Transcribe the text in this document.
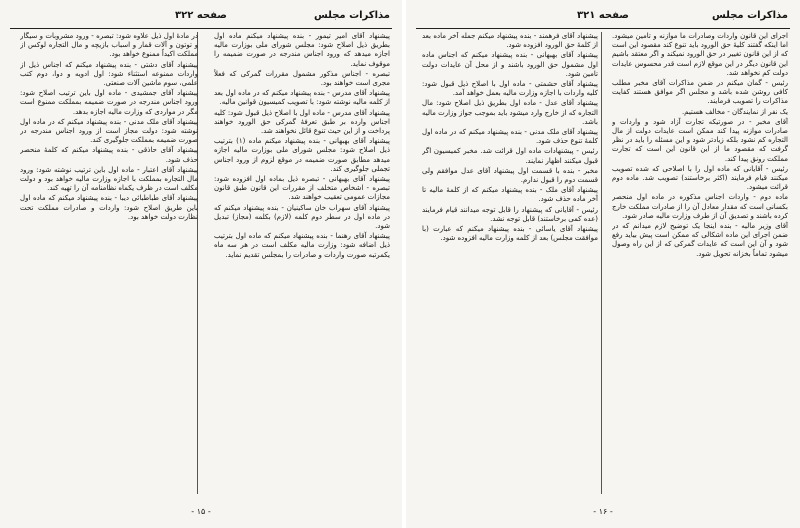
مذاکرات مجلس
صفحه ۳۲۱

اجرای این قانون واردات وصادرات ما موازنه و تامین میشود. اما اینکه گفتند کلیهٔ حق الورود باید تنوع کند مقصود این است که از این قانون تغییر در حق الورود نمیکند و اگر معتقد باشیم این قانون دیگر در این موقع لازم است قدر محسوس عایدات دولت کم نخواهد شد.

رئیس - گمان میکنم در ضمن مذاکرات آقای مخبر مطلب کافی روشن شده باشد و مجلس اگر موافق هستند کفایت مذاکرات را تصویب فرمایند.

یک نفر از نمایندگان - مخالف هستیم.

آقای مخبر - در صورتیکه تجارت آزاد شود و واردات و صادرات موازنه پیدا کند ممکن است عایدات دولت از مال التجاره کم نشود بلکه زیادتر شود و این مسئله را باید در نظر گرفت که مقصود ما از این قانون این است که تجارت مملکت رونق پیدا کند.

رئیس - آقایانی که ماده اول را با اصلاحی که شده تصویب میکنند قیام فرمایند (اکثر برخاستند) تصویب شد. ماده دوم قرائت میشود.

ماده دوم - واردات اجناس مذکوره در ماده اول منحصر بکسانی است که مقدار معادل آن را از صادرات مملکت خارج کرده باشند و تصدیق آن از طرف وزارت مالیه صادر شود.

آقای وزیر مالیه - بنده اینجا یک توضیح لازم میدانم که در ضمن اجرای این ماده اشکالی که ممکن است پیش بیاید رفع شود و آن این است که عایدات گمرکی که از این راه وصول میشود تماماً بخزانه تحویل شود.

پیشنهاد آقای فرهمند - بنده پیشنهاد میکنم جمله آخر ماده بعد از کلمهٔ حق الورود افزوده شود.

پیشنهاد آقای بهبهانی - بنده پیشنهاد میکنم که اجناس ماده اول مشمول حق الورود باشند و از محل آن عایدات دولت تامین شود.

پیشنهاد آقای حشمتی - ماده اول با اصلاح ذیل قبول شود: کلیه واردات با اجازه وزارت مالیه بعمل خواهد آمد.

پیشنهاد آقای عدل - ماده اول بطریق ذیل اصلاح شود: مال التجاره که از خارج وارد میشود باید بموجب جواز وزارت مالیه باشد.

پیشنهاد آقای ملک مدنی - بنده پیشنهاد میکنم که در ماده اول کلمهٔ تنوع حذف شود.

رئیس - پیشنهادات ماده اول قرائت شد. مخبر کمیسیون اگر قبول میکنند اظهار نمایند.

مخبر - بنده با قسمت اول پیشنهاد آقای عدل موافقم ولی قسمت دوم را قبول ندارم.

پیشنهاد آقای ملک - بنده پیشنهاد میکنم که از کلمهٔ مالیه تا آخر ماده حذف شود.

رئیس - آقایانی که پیشنهاد را قابل توجه میدانند قیام فرمایند (عده کمی برخاستند) قابل توجه نشد.

پیشنهاد آقای یاسائی - بنده پیشنهاد میکنم که عبارت (با موافقت مجلس) بعد از کلمه وزارت مالیه افزوده شود.

- ۱۶ -
مذاکرات مجلس
صفحه ۳۲۲

پیشنهاد آقای امیر تیمور - بنده پیشنهاد میکنم ماده اول بطریق ذیل اصلاح شود: مجلس شورای ملی بوزارت مالیه اجازه میدهد که ورود اجناس مندرجه در صورت ضمیمه را موقوف نماید.

تبصره - اجناس مذکور مشمول مقررات گمرکی که فعلاً مجری است خواهند بود.

پیشنهاد آقای مدرس - بنده پیشنهاد میکنم که در ماده اول بعد از کلمه مالیه نوشته شود: با تصویب کمیسیون قوانین مالیه.

پیشنهاد آقای مدرس - ماده اول با اصلاح ذیل قبول شود: کلیه اجناس وارده بر طبق تعرفهٔ گمرکی حق الورود خواهند پرداخت و از این حیث تنوع قائل نخواهند شد.

پیشنهاد آقای بهبهانی - بنده پیشنهاد میکنم ماده (۱) بترتیب ذیل اصلاح شود: مجلس شورای ملی بوزارت مالیه اجازه میدهد مطابق صورت ضمیمه در موقع لزوم از ورود اجناس تجملی جلوگیری کند.

پیشنهاد آقای بهبهانی - تبصره ذیل بماده اول افزوده شود: تبصره - اشخاص متخلف از مقررات این قانون طبق قانون مجازات عمومی تعقیب خواهند شد.

پیشنهاد آقای سهراب خان ساکینیان - بنده پیشنهاد میکنم که در ماده اول در سطر دوم کلمه (لازم) بکلمه (مجاز) تبدیل شود.

پیشنهاد آقای رهنما - بنده پیشنهاد میکنم که ماده اول بترتیب ذیل اضافه شود: وزارت مالیه مکلف است در هر سه ماه یکمرتبه صورت واردات و صادرات را بمجلس تقدیم نماید.

در مادهٔ اول ذیل علاوه شود: تبصره - ورود مشروبات و سیگار و توتون و آلات قمار و اسباب بازیچه و مال التجاره لوکس از مملکت اکیداً ممنوع خواهد بود.

پیشنهاد آقای دشتی - بنده پیشنهاد میکنم که اجناس ذیل از واردات ممنوعه استثناء شود: اول ادویه و دوا، دوم کتب علمی، سوم ماشین آلات صنعتی.

پیشنهاد آقای جمشیدی - ماده اول باین ترتیب اصلاح شود: ورود اجناس مندرجه در صورت ضمیمه بمملکت ممنوع است مگر در مواردی که وزارت مالیه اجازه بدهد.

پیشنهاد آقای ملک مدنی - بنده پیشنهاد میکنم که در ماده اول نوشته شود: دولت مجاز است از ورود اجناس مندرجه در صورت ضمیمه بمملکت جلوگیری کند.

پیشنهاد آقای حاذقی - بنده پیشنهاد میکنم که کلمهٔ منحصر حذف شود.

پیشنهاد آقای اعتبار - ماده اول باین ترتیب نوشته شود: ورود مال التجاره بمملکت با اجازه وزارت مالیه خواهد بود و دولت مکلف است در ظرف یکماه نظامنامه آن را تهیه کند.

پیشنهاد آقای طباطبائی دیبا - بنده پیشنهاد میکنم که ماده اول باین طریق اصلاح شود: واردات و صادرات مملکت تحت نظارت دولت خواهد بود.

- ۱۵ -
